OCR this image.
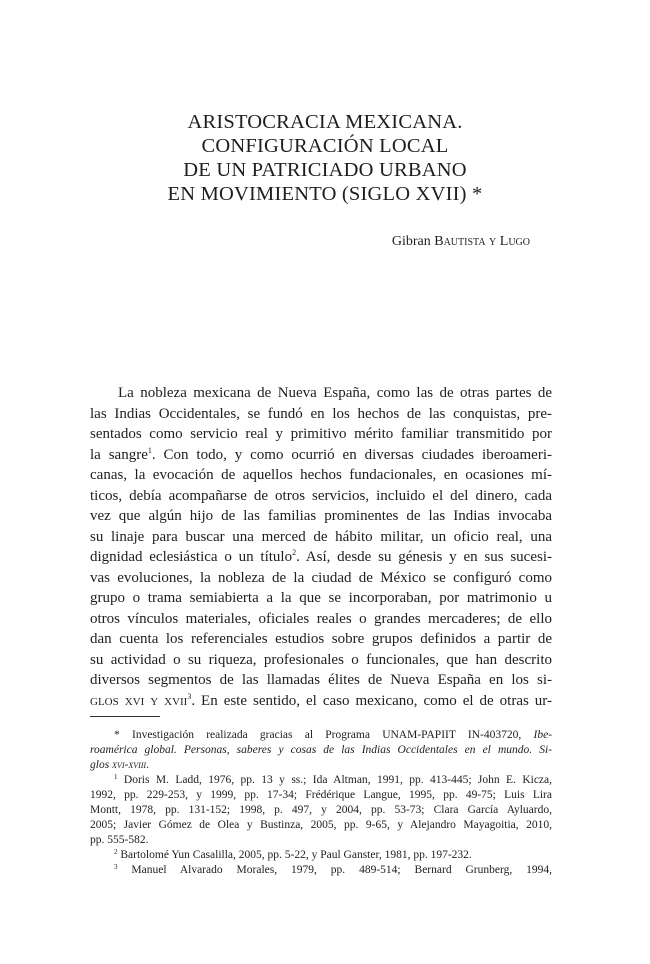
ARISTOCRACIA MEXICANA.
CONFIGURACIÓN LOCAL
DE UN PATRICIADO URBANO
EN MOVIMIENTO (SIGLO XVII) *
Gibran Bautista y Lugo
La nobleza mexicana de Nueva España, como las de otras partes de
las Indias Occidentales, se fundó en los hechos de las conquistas, pre-
sentados como servicio real y primitivo mérito familiar transmitido por
la sangre$^1$. Con todo, y como ocurrió en diversas ciudades iberoameri-
canas, la evocación de aquellos hechos fundacionales, en ocasiones mí-
ticos, debía acompañarse de otros servicios, incluido el del dinero, cada
vez que algún hijo de las familias prominentes de las Indias invocaba
su linaje para buscar una merced de hábito militar, un oficio real, una
dignidad eclesiástica o un título$^2$. Así, desde su génesis y en sus sucesi-
vas evoluciones, la nobleza de la ciudad de México se configuró como
grupo o trama semiabierta a la que se incorporaban, por matrimonio u
otros vínculos materiales, oficiales reales o grandes mercaderes; de ello
dan cuenta los referenciales estudios sobre grupos definidos a partir de
su actividad o su riqueza, profesionales o funcionales, que han descrito
diversos segmentos de las llamadas élites de Nueva España en los si-
glos xvi y xvii$^3$. En este sentido, el caso mexicano, como el de otras ur-
* Investigación realizada gracias al Programa UNAM-PAPIIT IN-403720, Ibe-
roamérica global. Personas, saberes y cosas de las Indias Occidentales en el mundo. Si-
glos xvi-xviii.
$^1$ Doris M. Ladd, 1976, pp. 13 y ss.; Ida Altman, 1991, pp. 413-445; John E. Kicza,
1992, pp. 229-253, y 1999, pp. 17-34; Frédérique Langue, 1995, pp. 49-75; Luis Lira
Montt, 1978, pp. 131-152; 1998, p. 497, y 2004, pp. 53-73; Clara García Ayluardo,
2005; Javier Gómez de Olea y Bustinza, 2005, pp. 9-65, y Alejandro Mayagoitia, 2010,
pp. 555-582.
$^2$ Bartolomé Yun Casalilla, 2005, pp. 5-22, y Paul Ganster, 1981, pp. 197-232.
$^3$ Manuel Alvarado Morales, 1979, pp. 489-514; Bernard Grunberg, 1994,
